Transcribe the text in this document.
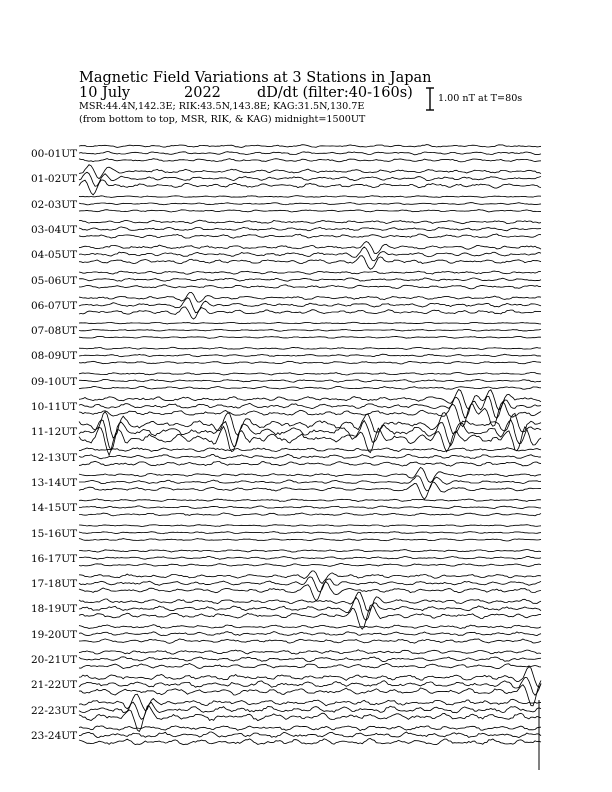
Magnetic Field Variations at 3 Stations in Japan
10 July	2022 dD/dt (filter:40-160s)
MSR:44.4N,142.3E; RIK:43.5N,143.8E; KAG:31.5N,130.7E
(from bottom to top, MSR, RIK, & KAG) midnight=1500UT
1.00 nT at T=80s
00-01UT
01-02UT
02-03UT
03-04UT
04-05UT
05-06UT
06-07UT
07-08UT
08-09UT
09-10UT
10-11UT
11-12UT
12-13UT
13-14UT
14-15UT
15-16UT
16-17UT
17-18UT
18-19UT
19-20UT
20-21UT
21-22UT
22-23UT
23-24UT
